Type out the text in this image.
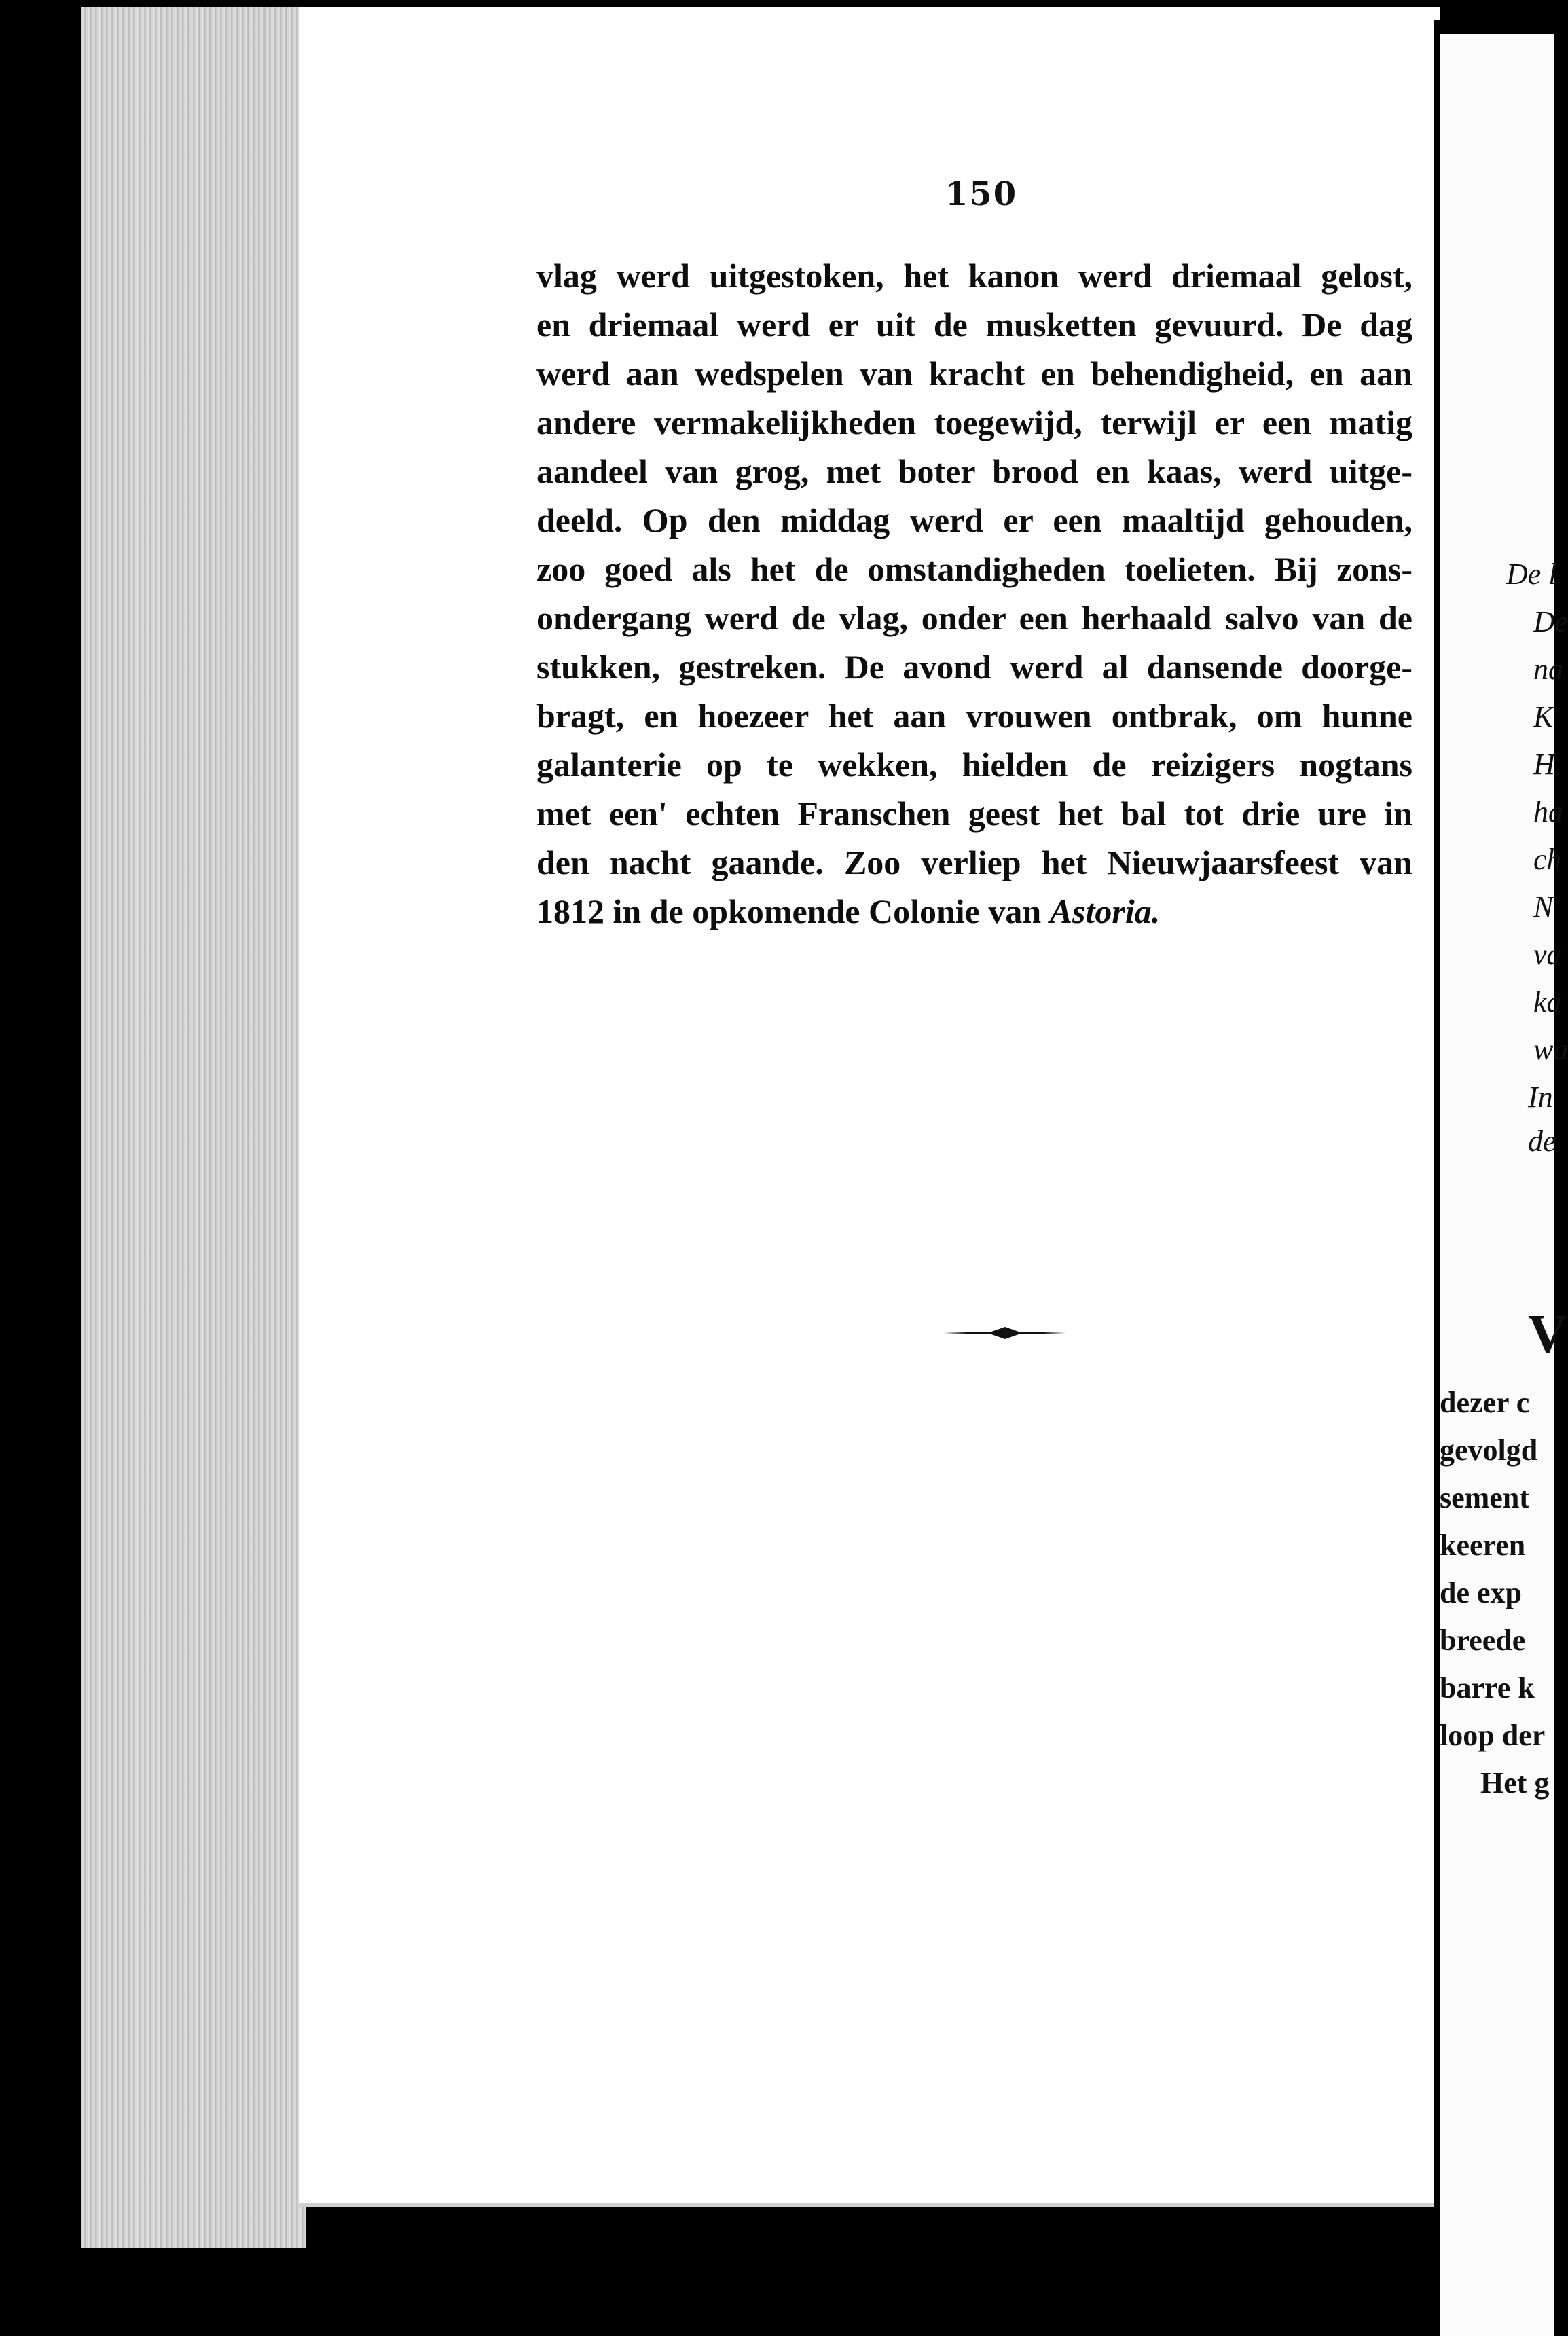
150
vlag werd uitgestoken, het kanon werd driemaal gelost,
en driemaal werd er uit de musketten gevuurd. De dag
werd aan wedspelen van kracht en behendigheid, en aan
andere vermakelijkheden toegewijd, terwijl er een matig
aandeel van grog, met boter brood en kaas, werd uitge-
deeld. Op den middag werd er een maaltijd gehouden,
zoo goed als het de omstandigheden toelieten. Bij zons-
ondergang werd de vlag, onder een herhaald salvo van de
stukken, gestreken. De avond werd al dansende doorge-
bragt, en hoezeer het aan vrouwen ontbrak, om hunne
galanterie op te wekken, hielden de reizigers nogtans
met een' echten Franschen geest het bal tot drie ure in
den nacht gaande. Zoo verliep het Nieuwjaarsfeest van
1812 in de opkomende Colonie van Astoria.
De l
De
na
K
H
ha
ch
N
va
ka
wa
In
de
V
dezer c
gevolgd
sement
keeren
de exp
breede
barre k
loop der
Het g
